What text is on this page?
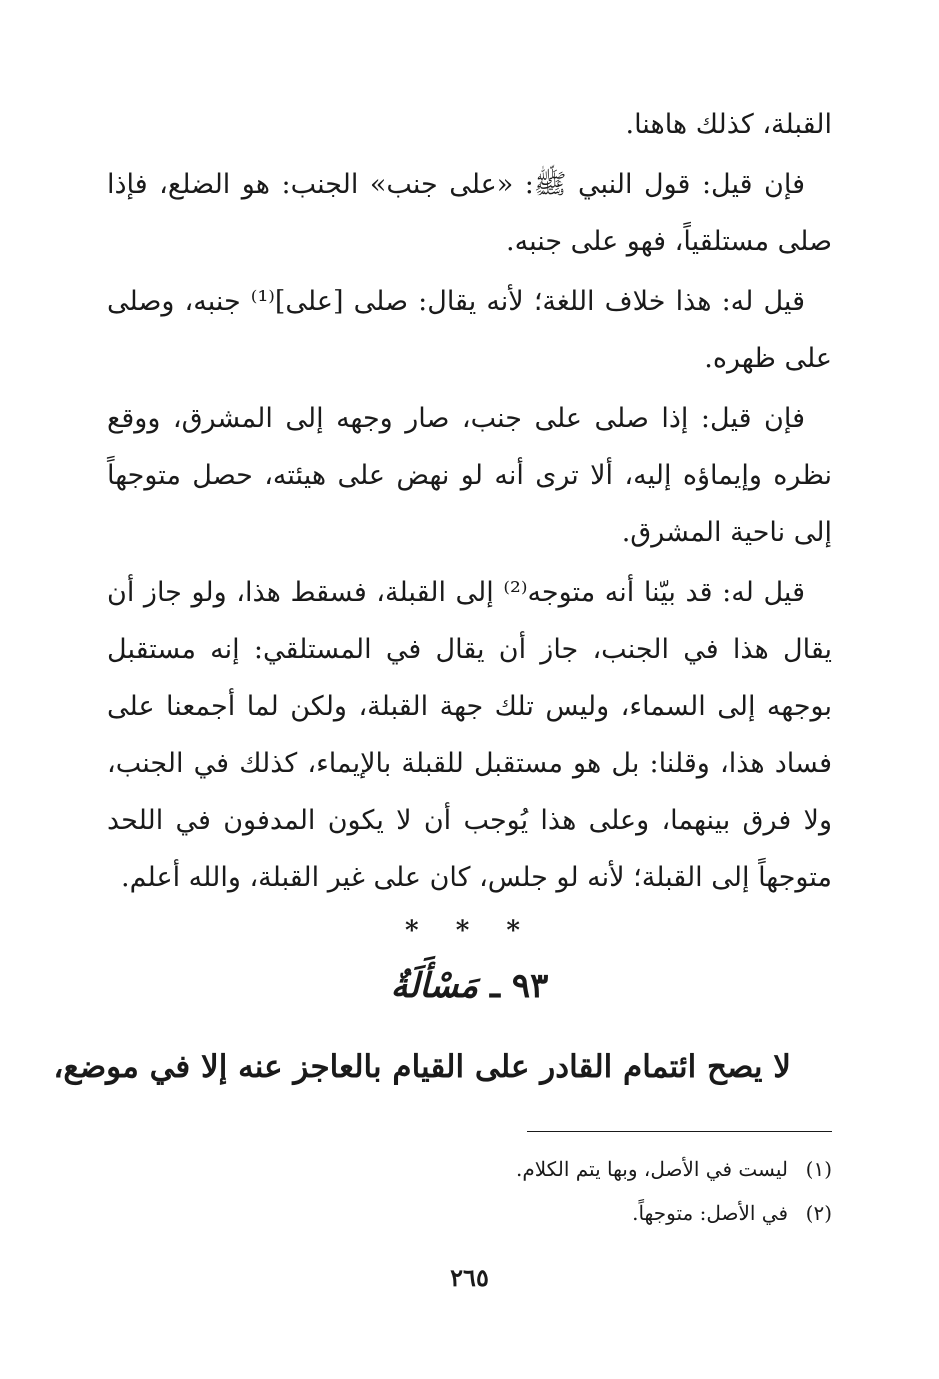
القبلة، كذلك هاهنا.

فإن قيل: قول النبي ﷺ: «على جنب» الجنب: هو الضلع، فإذا صلى مستلقياً، فهو على جنبه.

قيل له: هذا خلاف اللغة؛ لأنه يقال: صلى [على]⁽¹⁾ جنبه، وصلى على ظهره.

فإن قيل: إذا صلى على جنب، صار وجهه إلى المشرق، ووقع نظره وإيماؤه إليه، ألا ترى أنه لو نهض على هيئته، حصل متوجهاً إلى ناحية المشرق.

قيل له: قد بيّنا أنه متوجه⁽²⁾ إلى القبلة، فسقط هذا، ولو جاز أن يقال هذا في الجنب، جاز أن يقال في المستلقي: إنه مستقبل بوجهه إلى السماء، وليس تلك جهة القبلة، ولكن لما أجمعنا على فساد هذا، وقلنا: بل هو مستقبل للقبلة بالإيماء، كذلك في الجنب، ولا فرق بينهما، وعلى هذا يُوجب أن لا يكون المدفون في اللحد متوجهاً إلى القبلة؛ لأنه لو جلس، كان على غير القبلة، والله أعلم.

* * *
٩٣ ـ مَسْأَلَةٌ
لا يصح ائتمام القادر على القيام بالعاجز عنه إلا في موضع،
(١)
ليست في الأصل، وبها يتم الكلام.
(٢)
في الأصل: متوجهاً.
٢٦٥
